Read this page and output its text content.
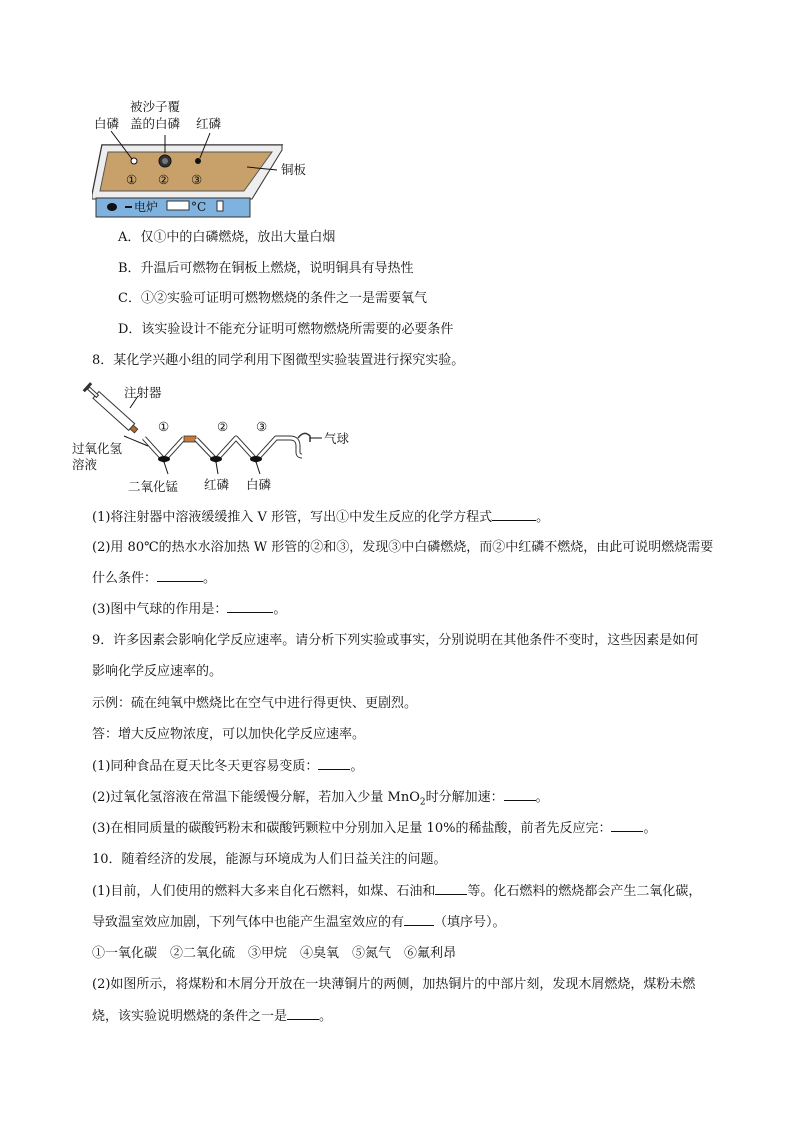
白磷
被沙子覆
盖的白磷 红磷
铜板
① ② ③
电炉	°C
A．仅①中的白磷燃烧，放出大量白烟
B．升温后可燃物在铜板上燃烧，说明铜具有导热性
C．①②实验可证明可燃物燃烧的条件之一是需要氧气
D．该实验设计不能充分证明可燃物燃烧所需要的必要条件
8．某化学兴趣小组的同学利用下图微型实验装置进行探究实验。
注射器
过氧化氢
溶液
二氧化锰 红磷 白磷
气球
①	② ③
(1)将注射器中溶液缓缓推入 V 形管，写出①中发生反应的化学方程式	。
(2)用 80℃的热水水浴加热 W 形管的②和③，发现③中白磷燃烧，而②中红磷不燃烧，由此可说明燃烧需要
什么条件：	。
(3)图中气球的作用是：	。
9．许多因素会影响化学反应速率。请分析下列实验或事实，分别说明在其他条件不变时，这些因素是如何
影响化学反应速率的。
示例：硫在纯氧中燃烧比在空气中进行得更快、更剧烈。
答：增大反应物浓度，可以加快化学反应速率。
(1)同种食品在夏天比冬天更容易变质： 。
(2)过氧化氢溶液在常温下能缓慢分解，若加入少量 MnO$_2$时分解加速： 。
(3)在相同质量的碳酸钙粉末和碳酸钙颗粒中分别加入足量 10%的稀盐酸，前者先反应完： 。
10．随着经济的发展，能源与环境成为人们日益关注的问题。
(1)目前，人们使用的燃料大多来自化石燃料，如煤、石油和 等。化石燃料的燃烧都会产生二氧化碳，
导致温室效应加剧，下列气体中也能产生温室效应的有 （填序号）。
①一氧化碳　②二氧化硫　③甲烷　④臭氧　⑤氮气　⑥氟利昂
(2)如图所示，将煤粉和木屑分开放在一块薄铜片的两侧，加热铜片的中部片刻，发现木屑燃烧，煤粉未燃
烧，该实验说明燃烧的条件之一是 。
